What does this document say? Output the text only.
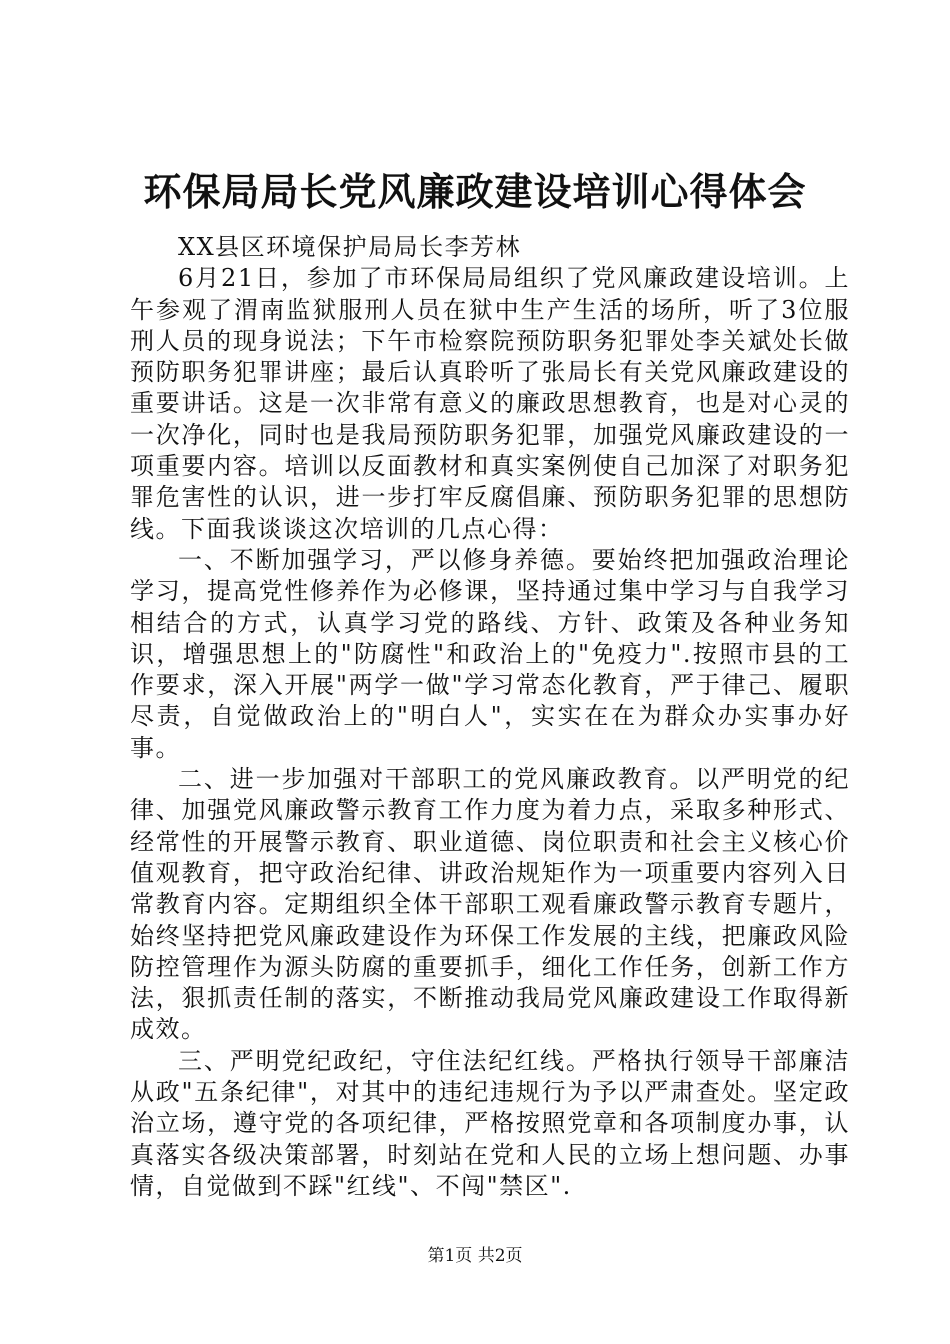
环保局局长党风廉政建设培训心得体会

XX县区环境保护局局长李芳林

6月21日，参加了市环保局局组织了党风廉政建设培训。上午参观了渭南监狱服刑人员在狱中生产生活的场所，听了3位服刑人员的现身说法；下午市检察院预防职务犯罪处李关斌处长做预防职务犯罪讲座；最后认真聆听了张局长有关党风廉政建设的重要讲话。这是一次非常有意义的廉政思想教育，也是对心灵的一次净化，同时也是我局预防职务犯罪，加强党风廉政建设的一项重要内容。培训以反面教材和真实案例使自己加深了对职务犯罪危害性的认识，进一步打牢反腐倡廉、预防职务犯罪的思想防线。下面我谈谈这次培训的几点心得：

一、不断加强学习，严以修身养德。要始终把加强政治理论学习，提高党性修养作为必修课，坚持通过集中学习与自我学习相结合的方式，认真学习党的路线、方针、政策及各种业务知识，增强思想上的"防腐性"和政治上的"免疫力".按照市县的工作要求，深入开展"两学一做"学习常态化教育，严于律己、履职尽责，自觉做政治上的"明白人"，实实在在为群众办实事办好事。

二、进一步加强对干部职工的党风廉政教育。以严明党的纪律、加强党风廉政警示教育工作力度为着力点，采取多种形式、经常性的开展警示教育、职业道德、岗位职责和社会主义核心价值观教育，把守政治纪律、讲政治规矩作为一项重要内容列入日常教育内容。定期组织全体干部职工观看廉政警示教育专题片，始终坚持把党风廉政建设作为环保工作发展的主线，把廉政风险防控管理作为源头防腐的重要抓手，细化工作任务，创新工作方法，狠抓责任制的落实，不断推动我局党风廉政建设工作取得新成效。

三、严明党纪政纪，守住法纪红线。严格执行领导干部廉洁从政"五条纪律"，对其中的违纪违规行为予以严肃查处。坚定政治立场，遵守党的各项纪律，严格按照党章和各项制度办事，认真落实各级决策部署，时刻站在党和人民的立场上想问题、办事情，自觉做到不踩"红线"、不闯"禁区".

第1页 共2页
